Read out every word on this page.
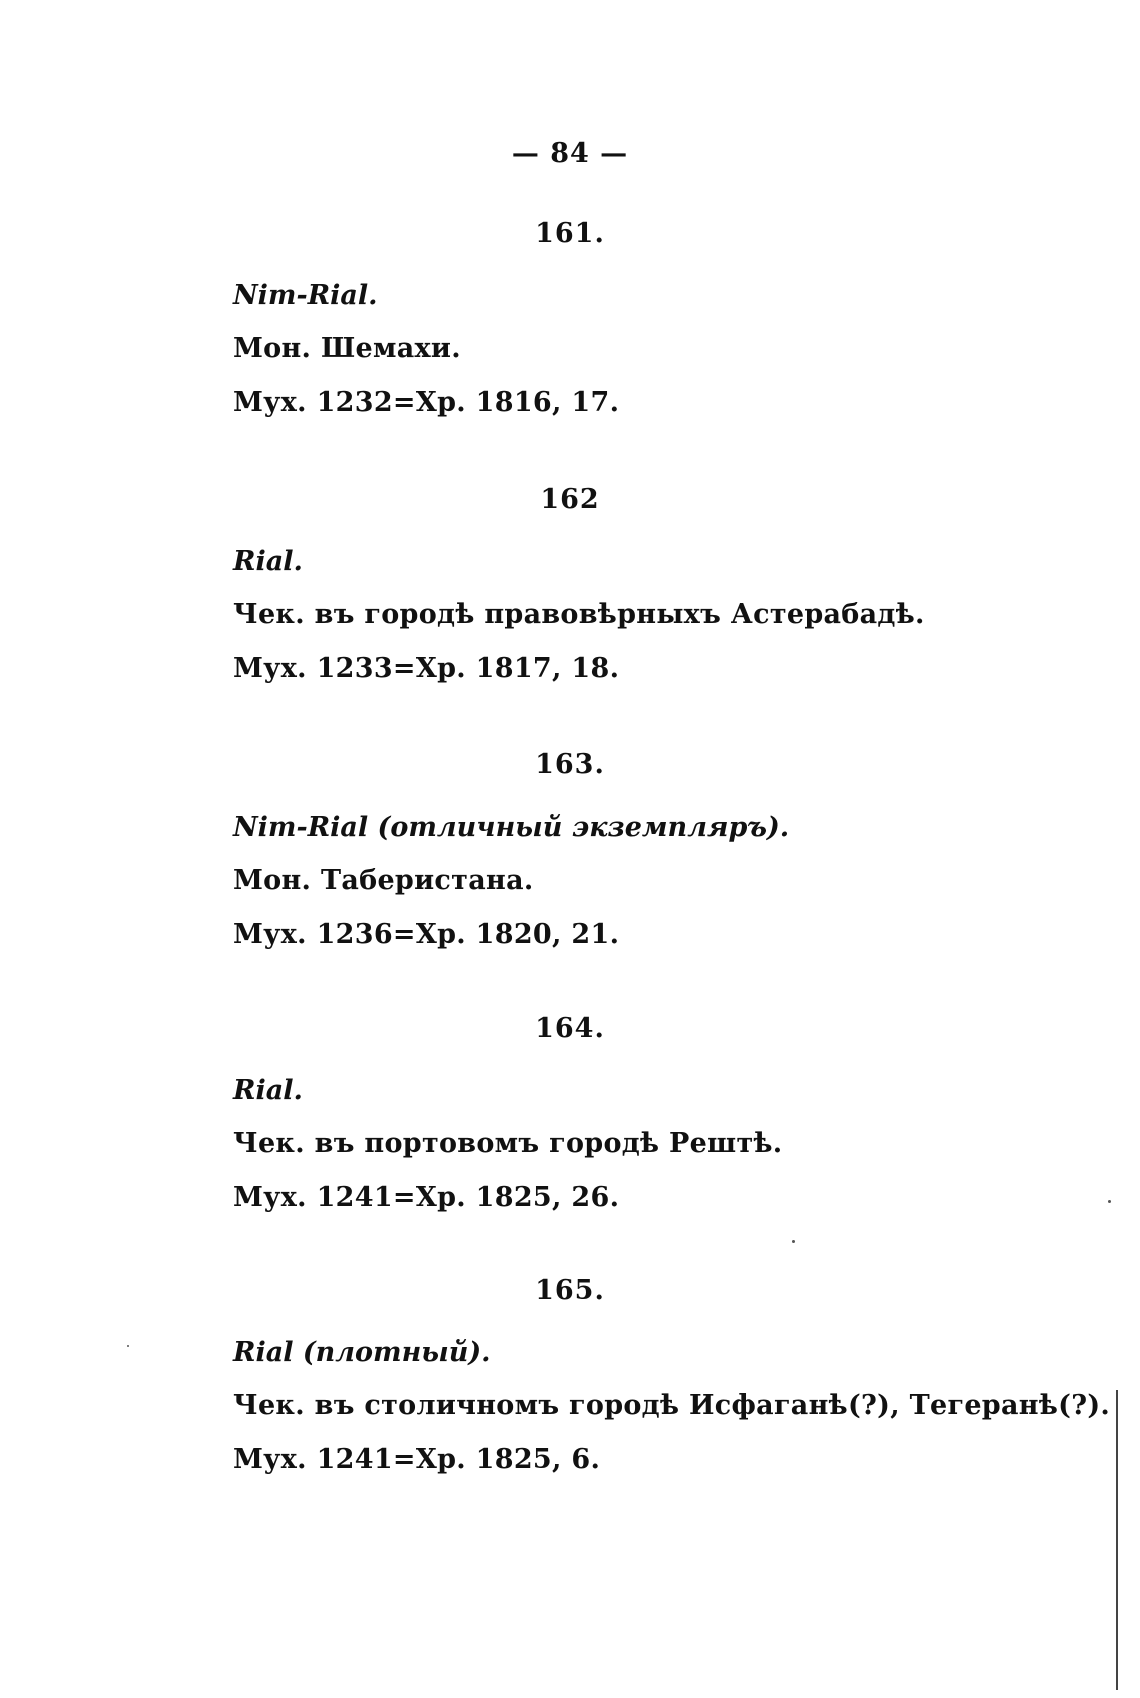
— 84 —
161.
Nim-Rial.
Мон. Шемахи.
Мух. 1232=Хр. 1816, 17.
162
Rial.
Чек. въ городѣ правовѣрныхъ Астерабадѣ.
Мух. 1233=Хр. 1817, 18.
163.
Nim-Rial (отличный экземпляръ).
Мон. Таберистана.
Мух. 1236=Хр. 1820, 21.
164.
Rial.
Чек. въ портовомъ городѣ Рештѣ.
Мух. 1241=Хр. 1825, 26.
165.
Rial (плотный).
Чек. въ столичномъ городѣ Исфаганѣ(?), Тегеранѣ(?).
Мух. 1241=Хр. 1825, 6.
